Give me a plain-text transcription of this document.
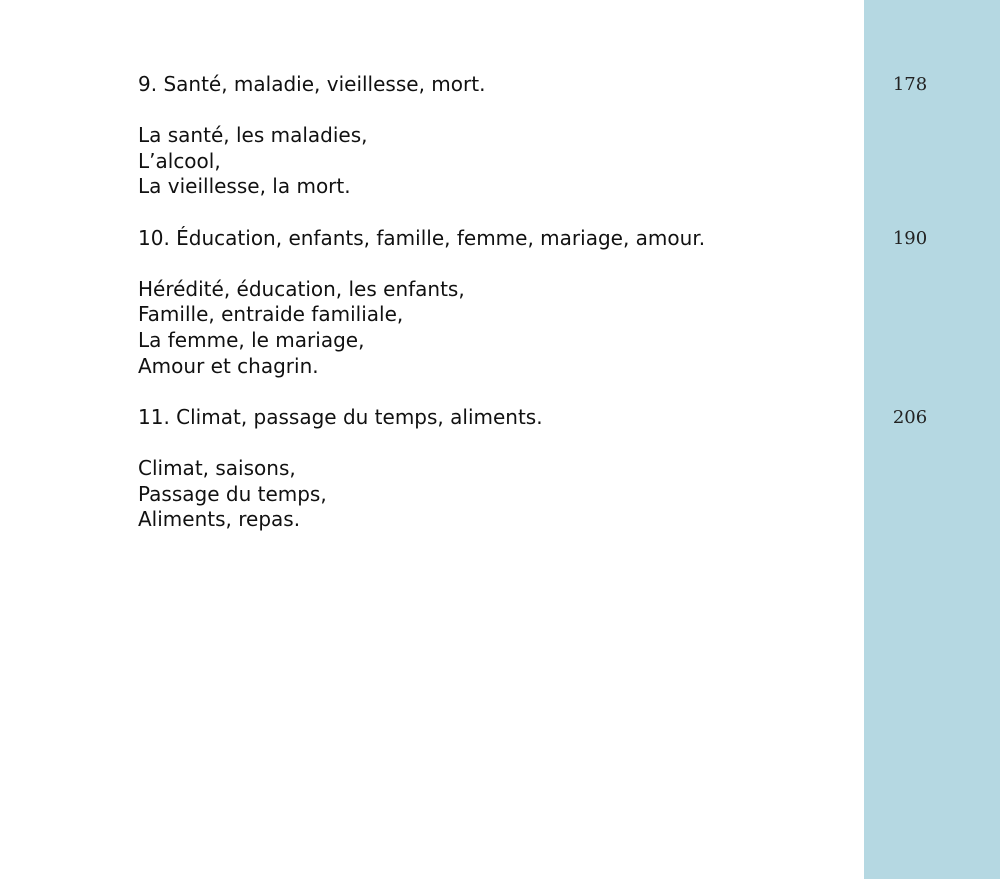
9. Santé, maladie, vieillesse, mort.
La santé, les maladies,
L’alcool,
La vieillesse, la mort.
10. Éducation, enfants, famille, femme, mariage, amour.
Hérédité, éducation, les enfants,
Famille, entraide familiale,
La femme, le mariage,
Amour et chagrin.
11. Climat, passage du temps, aliments.
Climat, saisons,
Passage du temps,
Aliments, repas.
178
190
206
